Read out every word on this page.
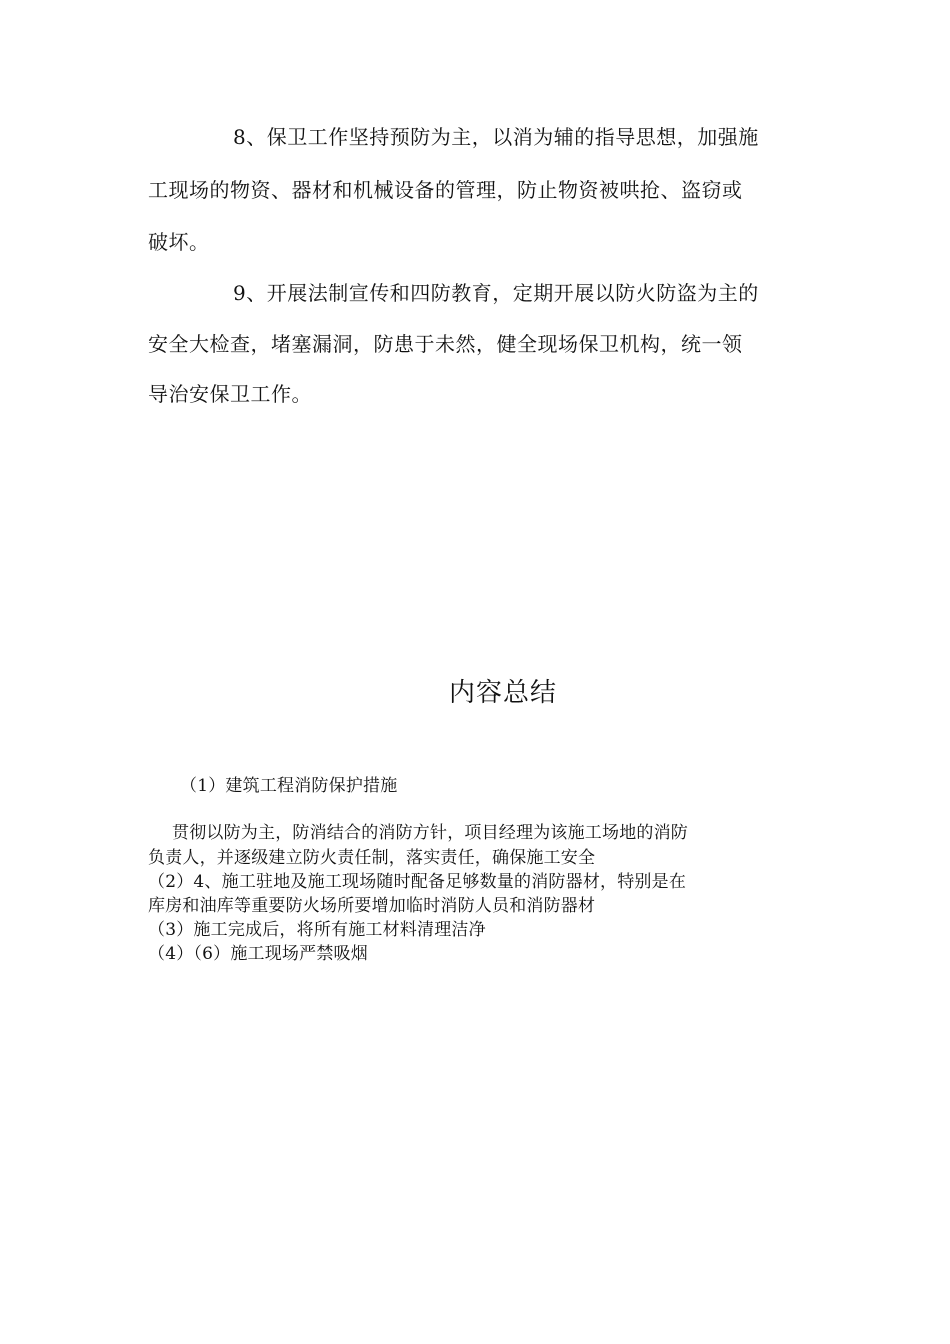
8、保卫工作坚持预防为主，以消为辅的指导思想，加强施
工现场的物资、器材和机械设备的管理，防止物资被哄抢、盗窃或
破坏。
9、开展法制宣传和四防教育，定期开展以防火防盗为主的
安全大检查，堵塞漏洞，防患于未然，健全现场保卫机构，统一领
导治安保卫工作。
内容总结
（1）建筑工程消防保护措施
贯彻以防为主，防消结合的消防方针，项目经理为该施工场地的消防
负责人，并逐级建立防火责任制，落实责任，确保施工安全
（2）4、施工驻地及施工现场随时配备足够数量的消防器材，特别是在
库房和油库等重要防火场所要增加临时消防人员和消防器材
（3）施工完成后，将所有施工材料清理洁净
（4）（6）施工现场严禁吸烟
